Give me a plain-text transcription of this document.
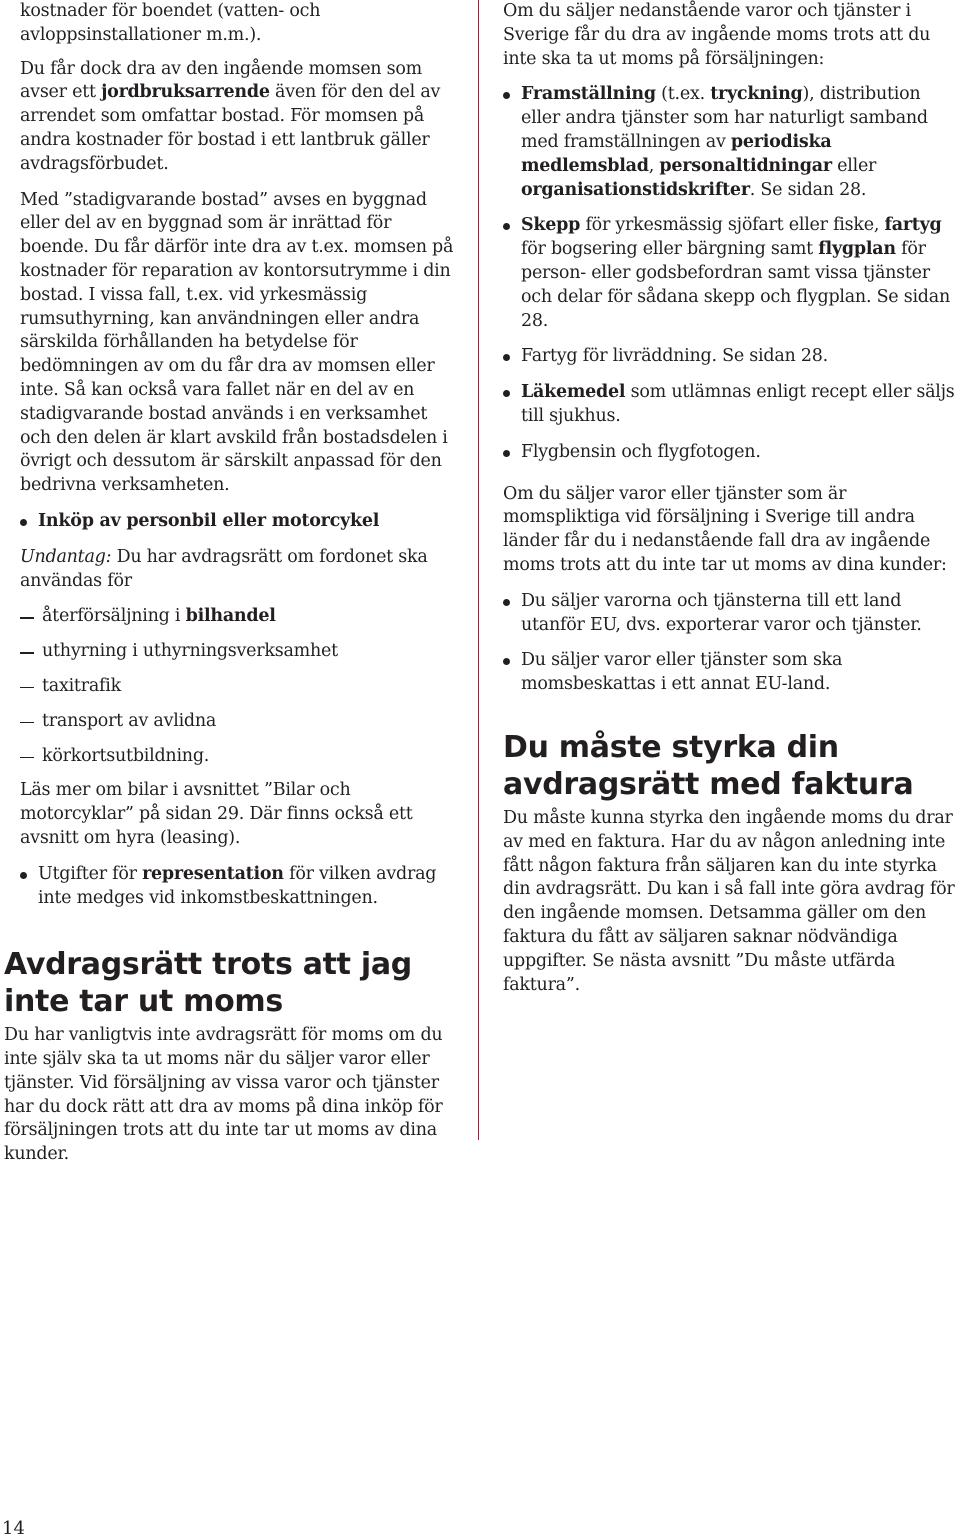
kostnader för boendet (vatten- och avloppsinstallationer m.m.).

Du får dock dra av den ingående momsen som avser ett jordbruksarrende även för den del av arrendet som omfattar bostad. För momsen på andra kostnader för bostad i ett lantbruk gäller avdragsförbudet.

Med ”stadigvarande bostad” avses en byggnad eller del av en byggnad som är inrättad för boende. Du får därför inte dra av t.ex. momsen på kostnader för reparation av kontorsutrymme i din bostad. I vissa fall, t.ex. vid yrkesmässig rumsuthyrning, kan användningen eller andra särskilda förhållanden ha betydelse för bedömningen av om du får dra av momsen eller inte. Så kan också vara fallet när en del av en stadigvarande bostad används i en verksamhet och den delen är klart avskild från bostadsdelen i övrigt och dessutom är särskilt anpassad för den bedrivna verksamheten.

Inköp av personbil eller motorcykel

Undantag: Du har avdragsrätt om fordonet ska användas för

återförsäljning i bilhandel
uthyrning i uthyrningsverksamhet
taxitrafik
transport av avlidna
körkortsutbildning.

Läs mer om bilar i avsnittet ”Bilar och motorcyklar” på sidan 29. Där finns också ett avsnitt om hyra (leasing).

Utgifter för representation för vilken avdrag inte medges vid inkomstbeskattningen.
Avdragsrätt trots att jag inte tar ut moms

Du har vanligtvis inte avdragsrätt för moms om du inte själv ska ta ut moms när du säljer varor eller tjänster. Vid försäljning av vissa varor och tjänster har du dock rätt att dra av moms på dina inköp för försäljningen trots att du inte tar ut moms av dina kunder.

Om du säljer nedanstående varor och tjänster i Sverige får du dra av ingående moms trots att du inte ska ta ut moms på försäljningen:

Framställning (t.ex. tryckning), distribution eller andra tjänster som har naturligt samband med framställningen av periodiska medlemsblad, personaltidningar eller organisationstidskrifter. Se sidan 28.
Skepp för yrkesmässig sjöfart eller fiske, fartyg för bogsering eller bärgning samt flygplan för person- eller godsbefordran samt vissa tjänster och delar för sådana skepp och flygplan. Se sidan 28.
Fartyg för livräddning. Se sidan 28.
Läkemedel som utlämnas enligt recept eller säljs till sjukhus.
Flygbensin och flygfotogen.

Om du säljer varor eller tjänster som är momspliktiga vid försäljning i Sverige till andra länder får du i nedanstående fall dra av ingående moms trots att du inte tar ut moms av dina kunder:

Du säljer varorna och tjänsterna till ett land utanför EU, dvs. exporterar varor och tjänster.
Du säljer varor eller tjänster som ska momsbeskattas i ett annat EU-land.
Du måste styrka din avdragsrätt med faktura

Du måste kunna styrka den ingående moms du drar av med en faktura. Har du av någon anledning inte fått någon faktura från säljaren kan du inte styrka din avdragsrätt. Du kan i så fall inte göra avdrag för den ingående momsen. Detsamma gäller om den faktura du fått av säljaren saknar nödvändiga uppgifter. Se nästa avsnitt ”Du måste utfärda faktura”.

14
